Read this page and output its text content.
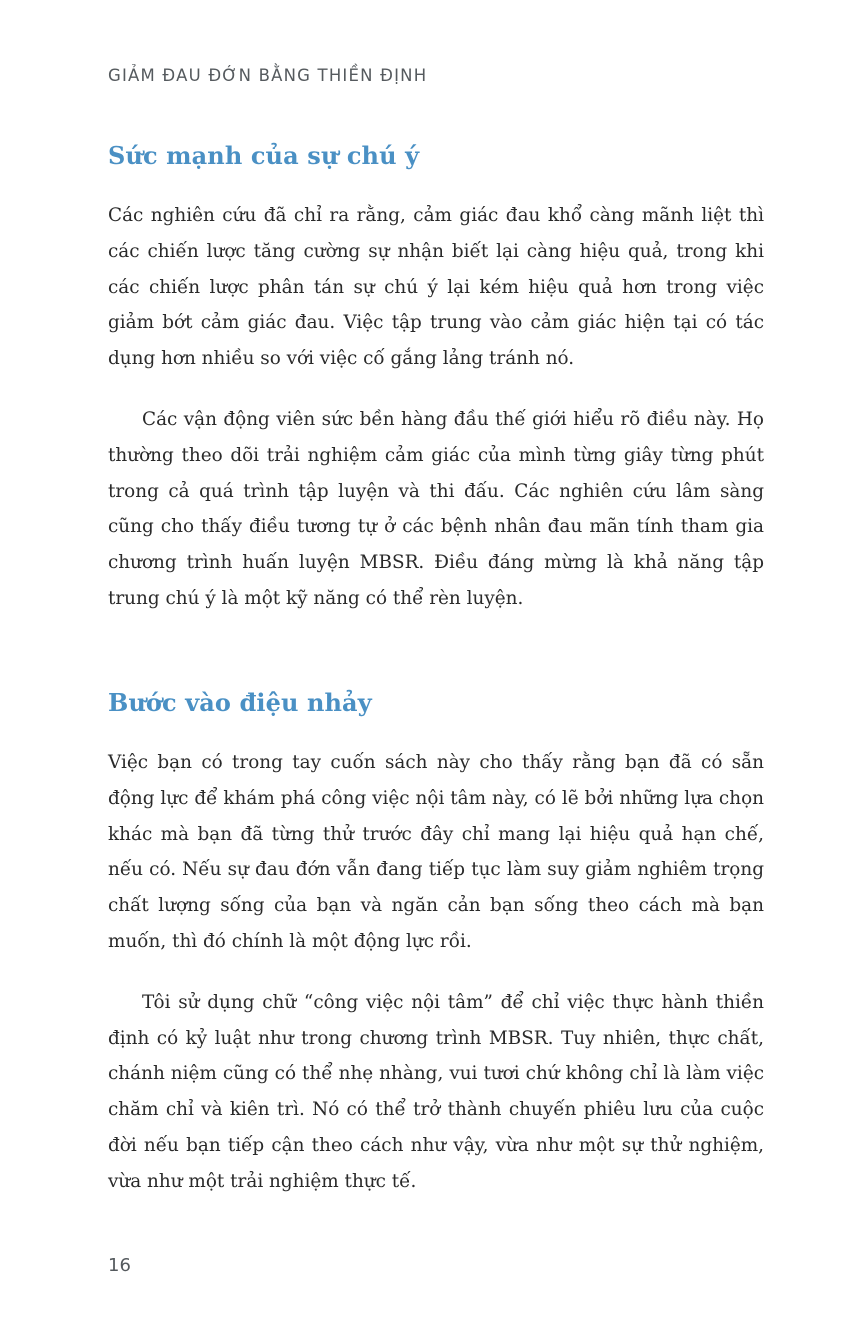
GIẢM ĐAU ĐỚN BẰNG THIỀN ĐỊNH
Sức mạnh của sự chú ý

Các nghiên cứu đã chỉ ra rằng, cảm giác đau khổ càng mãnh liệt thì các chiến lược tăng cường sự nhận biết lại càng hiệu quả, trong khi các chiến lược phân tán sự chú ý lại kém hiệu quả hơn trong việc giảm bớt cảm giác đau. Việc tập trung vào cảm giác hiện tại có tác dụng hơn nhiều so với việc cố gắng lảng tránh nó.

Các vận động viên sức bền hàng đầu thế giới hiểu rõ điều này. Họ thường theo dõi trải nghiệm cảm giác của mình từng giây từng phút trong cả quá trình tập luyện và thi đấu. Các nghiên cứu lâm sàng cũng cho thấy điều tương tự ở các bệnh nhân đau mãn tính tham gia chương trình huấn luyện MBSR. Điều đáng mừng là khả năng tập trung chú ý là một kỹ năng có thể rèn luyện.

Bước vào điệu nhảy

Việc bạn có trong tay cuốn sách này cho thấy rằng bạn đã có sẵn động lực để khám phá công việc nội tâm này, có lẽ bởi những lựa chọn khác mà bạn đã từng thử trước đây chỉ mang lại hiệu quả hạn chế, nếu có. Nếu sự đau đớn vẫn đang tiếp tục làm suy giảm nghiêm trọng chất lượng sống của bạn và ngăn cản bạn sống theo cách mà bạn muốn, thì đó chính là một động lực rồi.

Tôi sử dụng chữ “công việc nội tâm” để chỉ việc thực hành thiền định có kỷ luật như trong chương trình MBSR. Tuy nhiên, thực chất, chánh niệm cũng có thể nhẹ nhàng, vui tươi chứ không chỉ là làm việc chăm chỉ và kiên trì. Nó có thể trở thành chuyến phiêu lưu của cuộc đời nếu bạn tiếp cận theo cách như vậy, vừa như một sự thử nghiệm, vừa như một trải nghiệm thực tế.

16
